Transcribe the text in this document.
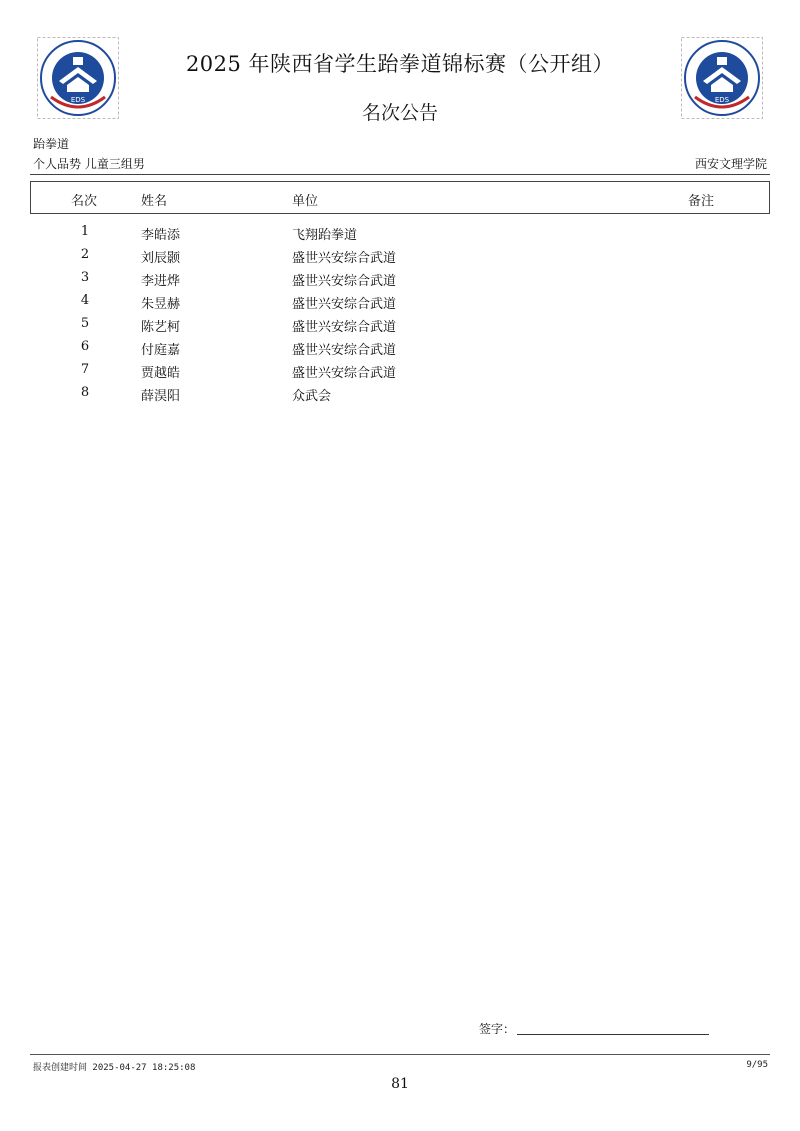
EDS	EDS
2025 年陕西省学生跆拳道锦标赛（公开组）
名次公告
跆拳道
个人品势 儿童三组男	西安文理学院
名次	姓名	单位	备注
1	李皓添	飞翔跆拳道
2	刘辰颢	盛世兴安综合武道
3	李进烨	盛世兴安综合武道
4	朱昱赫	盛世兴安综合武道
5	陈艺柯	盛世兴安综合武道
6	付庭嘉	盛世兴安综合武道
7	贾越皓	盛世兴安综合武道
8	薛淏阳	众武会
签字：
报表创建时间 2025-04-27 18:25:08	9/95
81
